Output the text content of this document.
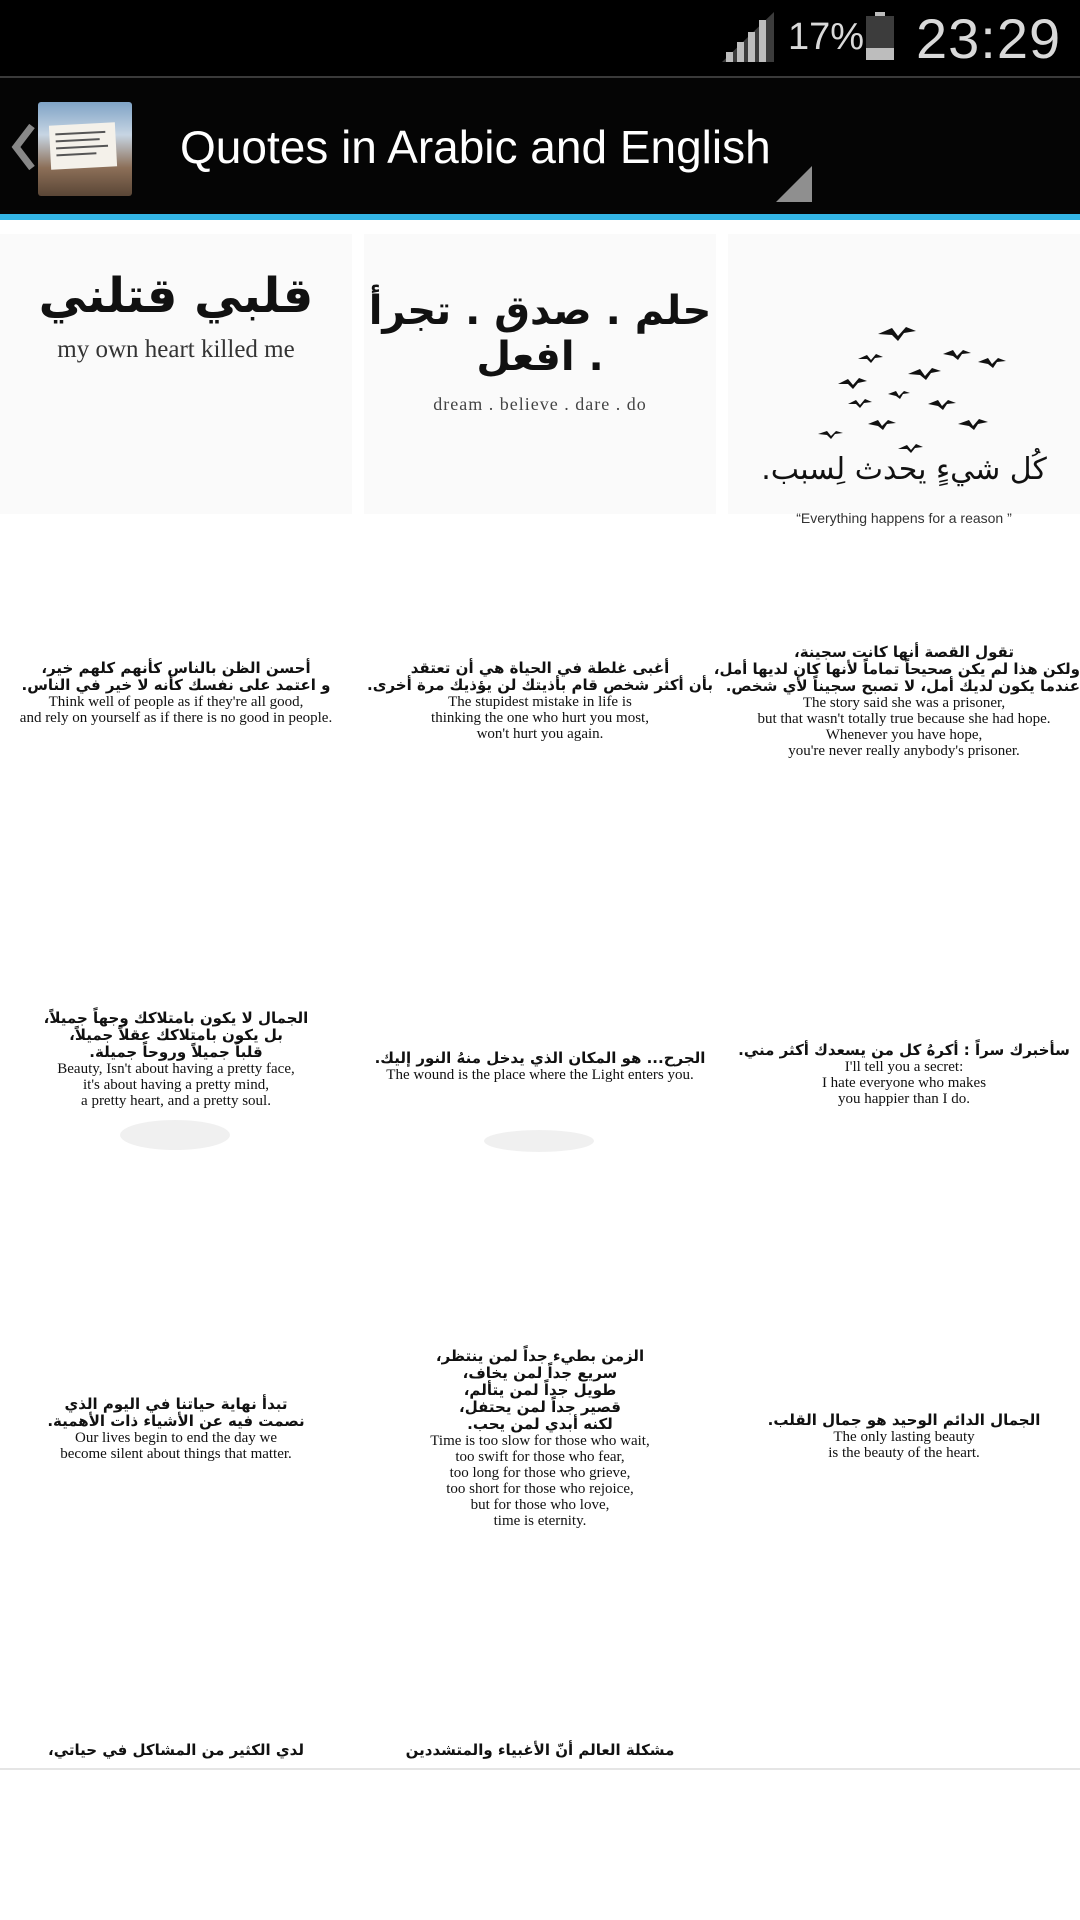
17% 23:29
Quotes in Arabic and English
قلبي قتلني
my own heart killed me
حلم . صدق . تجرأ . افعل
dream . believe . dare . do
كُل شيءٍ يحدث لِسبب.
“Everything happens for a reason ”
أحسن الظن بالناس كأنهم كلهم خير،
و اعتمد على نفسك كأنه لا خير في الناس.
Think well of people as if they're all good,
and rely on yourself as if there is no good in people.
أغبى غلطة في الحياة هي أن تعتقد
بأن أكثر شخص قام بأذيتك لن يؤذيك مرة أخرى.
The stupidest mistake in life is
thinking the one who hurt you most,
won't hurt you again.
تقول القصة أنها كانت سجينة،
ولكن هذا لم يكن صحيحاً تماماً لأنها كان لديها أمل،
عندما يكون لديك أمل، لا تصبح سجيناً لأي شخص.
The story said she was a prisoner,
but that wasn't totally true because she had hope.
Whenever you have hope,
you're never really anybody's prisoner.
الجمال لا يكون بامتلاكك وجهاً جميلاً،
بل يكون بامتلاكك عقلاً جميلاً،
قلباً جميلاً وروحاً جميلة.
Beauty, Isn't about having a pretty face,
it's about having a pretty mind,
a pretty heart, and a pretty soul.
الجرح... هو المكان الذي يدخل منهُ النور إليك.
The wound is the place where the Light enters you.
سأخبرك سراً : أكرهُ كل من يسعدك أكثر مني.
I'll tell you a secret:
I hate everyone who makes
you happier than I do.
تبدأ نهاية حياتنا في اليوم الذي
نصمت فيه عن الأشياء ذات الأهمية.
Our lives begin to end the day we
become silent about things that matter.
الزمن بطيء جداً لمن ينتظر،
سريع جداً لمن يخاف،
طويل جداً لمن يتألم،
قصير جداً لمن يحتفل،
لكنه أبدي لمن يحب.
Time is too slow for those who wait,
too swift for those who fear,
too long for those who grieve,
too short for those who rejoice,
but for those who love,
time is eternity.
الجمال الدائم الوحيد هو جمال القلب.
The only lasting beauty
is the beauty of the heart.
لدي الكثير من المشاكل في حياتي،	مشكلة العالم أنّ الأغبياء والمتشددين
